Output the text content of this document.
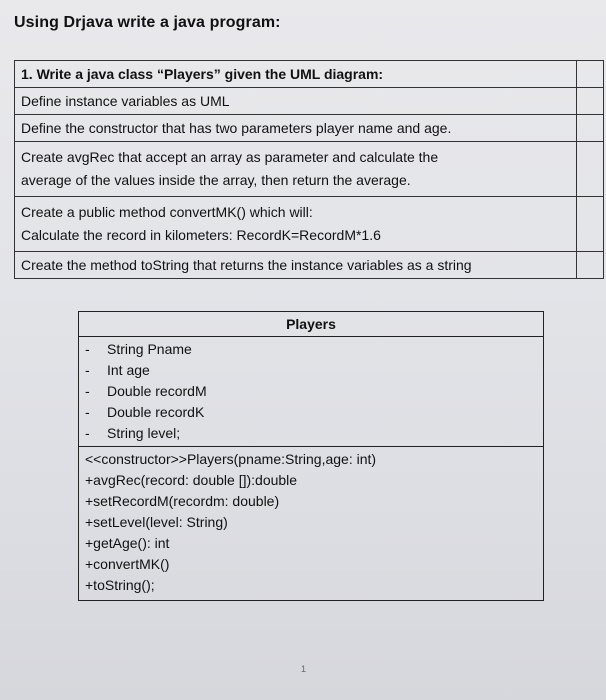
Using Drjava write a java program:
1. Write a java class “Players” given the UML diagram:	
Define instance variables as UML	
Define the constructor that has two parameters player name and age.	

Create avgRec that accept an array as parameter and calculate the
average of the values inside the array, then return the average.	

Create a public method convertMK() which will:
Calculate the record in kilometers: RecordK=RecordM*1.6	

Create the method toString that returns the instance variables as a string	
Players
-	String Pname
-	Int age
-	Double recordM
-	Double recordK
-	String level;
<<constructor>>Players(pname:String,age: int)
+avgRec(record: double []):double
+setRecordM(recordm: double)
+setLevel(level: String)
+getAge(): int
+convertMK()
+toString();
1
